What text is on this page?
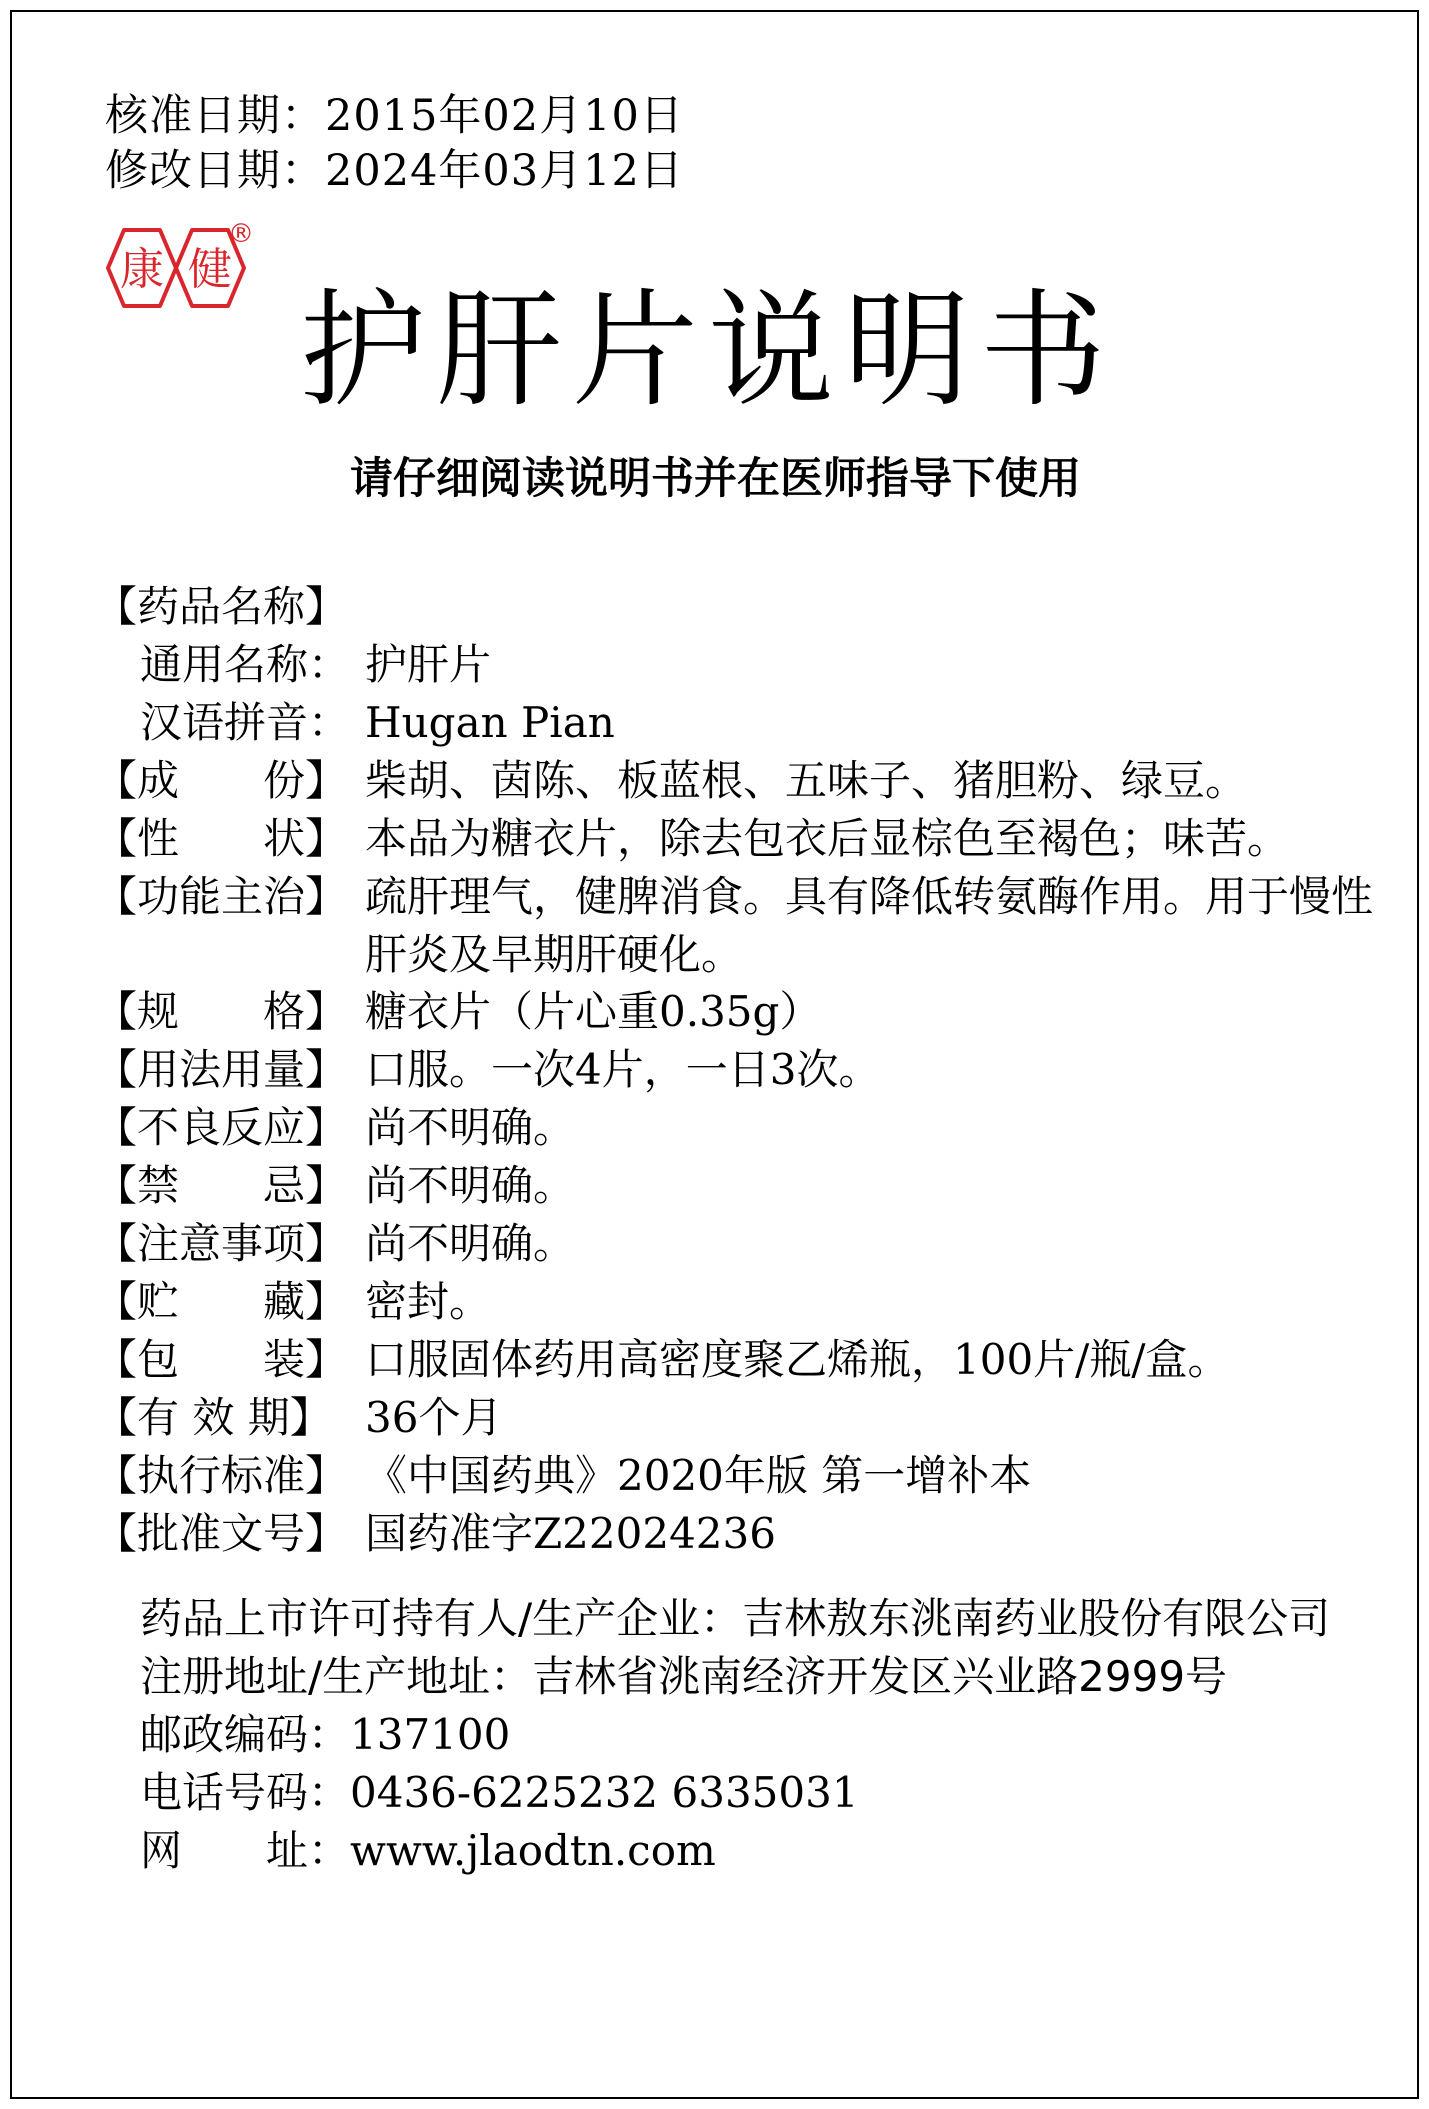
核准日期：2015年02月10日
修改日期：2024年03月12日
康 健
®
护肝片说明书
请仔细阅读说明书并在医师指导下使用
【药品名称】
通用名称： 护肝片
汉语拼音： Hugan Pian
【成　　份】 柴胡、茵陈、板蓝根、五味子、猪胆粉、绿豆。
【性　　状】 本品为糖衣片，除去包衣后显棕色至褐色；味苦。
【功能主治】 疏肝理气，健脾消食。具有降低转氨酶作用。用于慢性肝炎及早期肝硬化。
【规　　格】 糖衣片（片心重0.35g）
【用法用量】 口服。一次4片，一日3次。
【不良反应】 尚不明确。
【禁　　忌】 尚不明确。
【注意事项】 尚不明确。
【贮　　藏】 密封。
【包　　装】 口服固体药用高密度聚乙烯瓶，100片/瓶/盒。
【有 效 期】 36个月
【执行标准】 《中国药典》2020年版 第一增补本
【批准文号】 国药准字Z22024236
药品上市许可持有人/生产企业：吉林敖东洮南药业股份有限公司
注册地址/生产地址：吉林省洮南经济开发区兴业路2999号
邮政编码：137100
电话号码：0436-6225232 6335031
网　　址：www.jlaodtn.com
